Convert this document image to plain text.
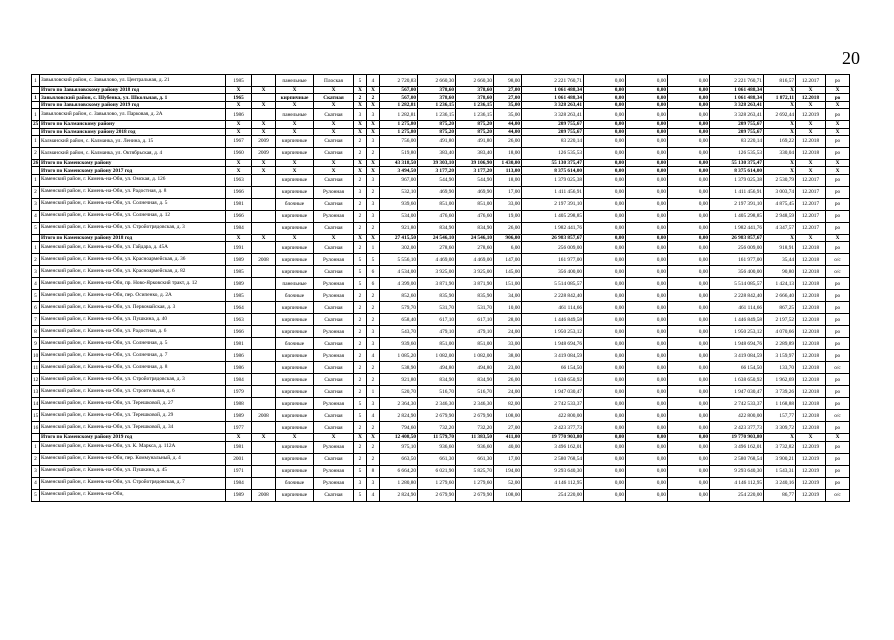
20
1	Завьяловский район, с. Завьялово, ул. Центральная, д. 21	1985		панельные	Плоская	5	4	2 720,83	2 660,30	2 660,30	98,00	2 221 760,71	0,00	0,00	0,00	2 221 760,71	816,57	12.2017	ро
	Итого по Завьяловскому району 2018 год	X	X	X	X	X	X	567,00	378,60	378,60	27,00	1 061 488,34	0,00	0,00	0,00	1 061 488,34	X	X	X
1	Завьяловский район, с. Шубенка, ул. Школьная, д. 1	1965		кирпичные	Скатная	2	2	567,00	378,60	378,60	27,00	1 061 488,34	0,00	0,00	0,00	1 061 488,34	1 872,11	12.2018	ро
	Итого по Завьяловскому району 2019 год	X	X	X	X	X	X	1 282,81	1 236,15	1 236,15	35,00	3 328 263,41	0,00	0,00	0,00	3 328 263,41	X	X	X
1	Завьяловский район, с. Завьялово, ул. Парковая, д. 2А	1986		панельные	Скатная	3	3	1 282,81	1 236,15	1 236,15	35,00	3 328 263,41	0,00	0,00	0,00	3 328 263,41	2 692,44	12.2019	ро
25	Итого по Калманскому району	X	X	X	X	X	X	1 275,80	875,20	875,20	44,00	209 755,67	0,00	0,00	0,00	209 755,67	X	X	X
	Итого по Калманскому району 2018 год	X	X	X	X	X	X	1 275,80	875,20	875,20	44,00	209 755,67	0,00	0,00	0,00	209 755,67	X	X	X
1	Калманский район, с. Калманка, ул. Ленина, д. 15	1967	2009	кирпичные	Скатная	2	3	756,00	491,80	491,80	26,00	83 220,14	0,00	0,00	0,00	83 220,14	169,22	12.2018	ро
2	Калманский район, с. Калманка, ул. Октябрьская, д. 4	1960	2009	кирпичные	Скатная	2	2	519,80	383,40	383,40	18,00	126 535,53	0,00	0,00	0,00	126 535,53	330,04	12.2018	ро
26	Итого по Каменскому району	X	X	X	X	X	X	43 318,50	39 303,10	39 106,90	1 430,00	55 130 375,47	0,00	0,00	0,00	55 130 375,47	X	X	X
	Итого по Каменскому району 2017 год	X	X	X	X	X	X	3 494,50	3 177,20	3 177,20	113,00	8 375 614,00	0,00	0,00	0,00	8 375 614,00	X	X	X
1	Каменский район, г. Камень-на-Оби, ул. Омская, д. 126	1963		кирпичные	Скатная	2	3	967,00	544,90	544,90	18,00	1 379 025,38	0,00	0,00	0,00	1 379 025,38	2 530,79	12.2017	ро
2	Каменский район, г. Камень-на-Оби, ул. Радостная, д. 8	1966		кирпичные	Рулонная	3	2	532,10	469,90	469,90	17,00	1 411 456,91	0,00	0,00	0,00	1 411 456,91	3 003,74	12.2017	ро
3	Каменский район, г. Камень-на-Оби, ул. Солнечная, д. 5	1981		блочные	Скатная	2	3	939,60	851,00	851,00	33,00	2 197 391,10	0,00	0,00	0,00	2 197 391,10	4 875,45	12.2017	ро
4	Каменский район, г. Камень-на-Оби, ул. Солнечная, д. 12	1966		кирпичные	Рулонная	2	3	534,00	476,60	476,60	19,00	1 405 298,85	0,00	0,00	0,00	1 405 298,85	2 948,59	12.2017	ро
5	Каменский район, г. Камень-на-Оби, ул. Стройотрядовская, д. 3	1984		кирпичные	Скатная	2	2	921,80	834,90	834,90	26,00	1 982 441,76	0,00	0,00	0,00	1 982 441,76	4 347,57	12.2017	ро
	Итого по Каменскому району 2018 год	X	X	X	X	X	X	27 415,50	24 546,10	24 546,10	906,00	26 983 857,67	0,00	0,00	0,00	26 983 857,67	X	X	X
1	Каменский район, г. Камень-на-Оби, ул. Гайдара, д. 45А	1991		кирпичные	Скатная	2	1	302,00	278,60	278,60	6,00	256 009,00	0,00	0,00	0,00	256 009,00	918,91	12.2018	ро
2	Каменский район, г. Камень-на-Оби, ул. Красноармейская, д. 36	1989	2008	кирпичные	Рулонная	5	5	5 556,10	4 469,00	4 469,00	147,00	161 977,00	0,00	0,00	0,00	161 977,00	35,44	12.2018	о/с
3	Каменский район, г. Камень-на-Оби, ул. Красноармейская, д. 82	1985		кирпичные	Скатная	5	6	4 534,00	3 925,00	3 925,00	145,00	356 400,00	0,00	0,00	0,00	356 400,00	90,80	12.2018	о/с
4	Каменский район, г. Камень-на-Оби, пр. Ново-Ярковский тракт, д. 12	1989		панельные	Рулонная	5	6	4 399,00	3 871,90	3 871,90	151,00	5 514 085,57	0,00	0,00	0,00	5 514 085,57	1 424,13	12.2018	ро
5	Каменский район, г. Камень-на-Оби, пер. Осипенко, д. 2А	1985		блочные	Рулонная	2	2	852,60	835,90	835,90	34,00	2 228 842,40	0,00	0,00	0,00	2 228 842,40	2 666,40	12.2018	ро
6	Каменский район, г. Камень-на-Оби, ул. Первомайская, д. 3	1964		кирпичные	Скатная	2	2	579,70	531,70	531,70	10,00	461 114,66	0,00	0,00	0,00	461 114,66	867,25	12.2018	ро
7	Каменский район, г. Камень-на-Оби, ул. Пушкина, д. 40	1963		кирпичные	Скатная	2	2	658,40	617,10	617,10	28,00	1 446 849,58	0,00	0,00	0,00	1 446 849,58	2 197,52	12.2018	ро
8	Каменский район, г. Камень-на-Оби, ул. Радостная, д. 6	1966		кирпичные	Рулонная	2	3	543,70	479,10	479,10	24,00	1 950 253,12	0,00	0,00	0,00	1 950 253,12	4 070,66	12.2018	ро
9	Каменский район, г. Камень-на-Оби, ул. Солнечная, д. 5	1981		блочные	Скатная	2	3	939,60	851,00	851,00	33,00	1 948 694,76	0,00	0,00	0,00	1 948 694,76	2 289,89	12.2018	ро
10	Каменский район, г. Камень-на-Оби, ул. Солнечная, д. 7	1986		кирпичные	Рулонная	2	4	1 085,20	1 082,00	1 082,00	38,00	3 419 084,59	0,00	0,00	0,00	3 419 084,59	3 159,97	12.2018	ро
11	Каменский район, г. Камень-на-Оби, ул. Солнечная, д. 8	1986		кирпичные	Скатная	2	2	538,90	494,80	494,80	23,00	66 154,50	0,00	0,00	0,00	66 154,50	133,70	12.2018	о/с
12	Каменский район, г. Камень-на-Оби, ул. Стройотрядовская, д. 3	1984		кирпичные	Скатная	2	2	921,80	834,90	834,90	26,00	1 638 650,92	0,00	0,00	0,00	1 638 650,92	1 962,69	12.2018	ро
13	Каменский район, г. Камень-на-Оби, ул. Строительная, д. 6	1979		кирпичные	Скатная	2	1	520,70	516,70	516,70	24,00	1 947 030,47	0,00	0,00	0,00	1 947 030,47	3 739,26	12.2018	ро
14	Каменский район, г. Камень-на-Оби, ул. Терешковой, д. 27	1988		кирпичные	Рулонная	5	3	2 364,30	2 346,30	2 346,30	82,00	2 742 533,37	0,00	0,00	0,00	2 742 533,37	1 168,88	12.2018	ро
15	Каменский район, г. Камень-на-Оби, ул. Терешковой, д. 29	1989	2008	кирпичные	Скатная	5	4	2 824,90	2 679,90	2 679,90	108,00	422 800,00	0,00	0,00	0,00	422 800,00	157,77	12.2018	о/с
16	Каменский район, г. Камень-на-Оби, ул. Терешковой, д. 34	1977		кирпичные	Скатная	2	2	794,60	732,20	732,20	27,00	2 423 377,73	0,00	0,00	0,00	2 423 377,73	3 309,72	12.2018	ро
	Итого по Каменскому району 2019 год	X	X	X	X	X	X	12 408,50	11 579,70	11 383,50	411,00	19 770 903,80	0,00	0,00	0,00	19 770 903,80	X	X	X
1	Каменский район, г. Камень-на-Оби, ул. К. Маркса, д. 112А	1981		кирпичные	Рулонная	2	2	975,10	936,60	936,60	40,00	3 496 162,01	0,00	0,00	0,00	3 496 162,01	3 732,82	12.2019	ро
2	Каменский район, г. Камень-на-Оби, пер. Коммунальный, д. 4	2001		кирпичные	Скатная	2	2	663,50	661,30	661,30	17,00	2 580 768,54	0,00	0,00	0,00	2 580 768,54	3 900,21	12.2019	ро
3	Каменский район, г. Камень-на-Оби, ул. Пушкина, д. 45	1971		кирпичные	Рулонная	5	8	6 664,20	6 021,90	5 825,70	194,00	9 293 640,30	0,00	0,00	0,00	9 293 640,30	1 543,31	12.2019	ро
4	Каменский район, г. Камень-на-Оби, ул. Стройотрядовская, д. 7	1984		блочные	Рулонная	3	3	1 280,80	1 279,60	1 279,60	52,00	4 146 112,95	0,00	0,00	0,00	4 146 112,95	3 240,16	12.2019	ро
5	Каменский район, г. Камень-на-Оби,	1989	2008	кирпичные	Скатная	5	4	2 824,90	2 679,90	2 679,90	108,00	254 220,00	0,00	0,00	0,00	254 220,00	86,77	12.2019	о/с
